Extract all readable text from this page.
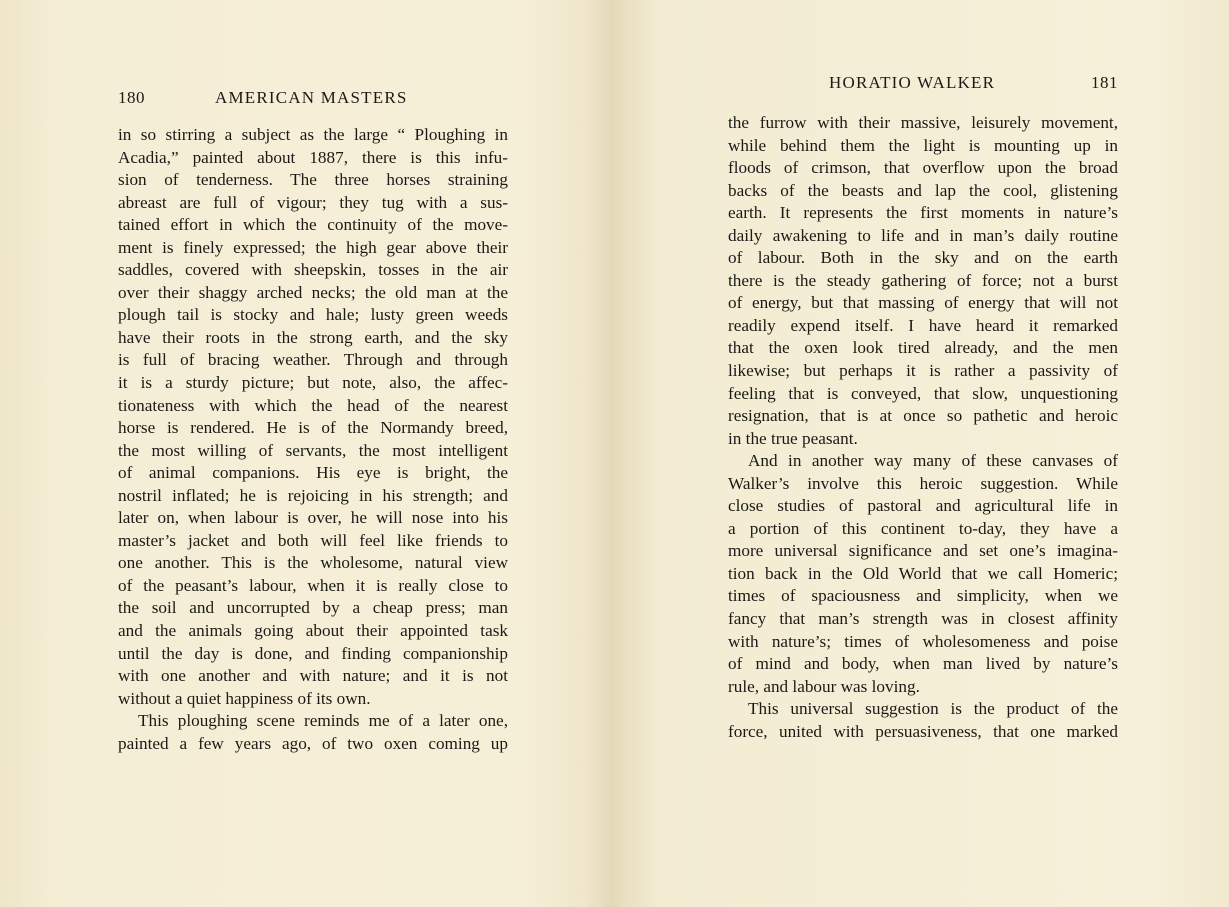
180	AMERICAN MASTERS
in so stirring a subject as the large “ Ploughing in
Acadia,” painted about 1887, there is this infu-
sion of tenderness. The three horses straining
abreast are full of vigour; they tug with a sus-
tained effort in which the continuity of the move-
ment is finely expressed; the high gear above their
saddles, covered with sheepskin, tosses in the air
over their shaggy arched necks; the old man at the
plough tail is stocky and hale; lusty green weeds
have their roots in the strong earth, and the sky
is full of bracing weather. Through and through
it is a sturdy picture; but note, also, the affec-
tionateness with which the head of the nearest
horse is rendered. He is of the Normandy breed,
the most willing of servants, the most intelligent
of animal companions. His eye is bright, the
nostril inflated; he is rejoicing in his strength; and
later on, when labour is over, he will nose into his
master’s jacket and both will feel like friends to
one another. This is the wholesome, natural view
of the peasant’s labour, when it is really close to
the soil and uncorrupted by a cheap press; man
and the animals going about their appointed task
until the day is done, and finding companionship
with one another and with nature; and it is not
without a quiet happiness of its own.
This ploughing scene reminds me of a later one,
painted a few years ago, of two oxen coming up
HORATIO WALKER	181
the furrow with their massive, leisurely movement,
while behind them the light is mounting up in
floods of crimson, that overflow upon the broad
backs of the beasts and lap the cool, glistening
earth. It represents the first moments in nature’s
daily awakening to life and in man’s daily routine
of labour. Both in the sky and on the earth
there is the steady gathering of force; not a burst
of energy, but that massing of energy that will not
readily expend itself. I have heard it remarked
that the oxen look tired already, and the men
likewise; but perhaps it is rather a passivity of
feeling that is conveyed, that slow, unquestioning
resignation, that is at once so pathetic and heroic
in the true peasant.
And in another way many of these canvases of
Walker’s involve this heroic suggestion. While
close studies of pastoral and agricultural life in
a portion of this continent to-day, they have a
more universal significance and set one’s imagina-
tion back in the Old World that we call Homeric;
times of spaciousness and simplicity, when we
fancy that man’s strength was in closest affinity
with nature’s; times of wholesomeness and poise
of mind and body, when man lived by nature’s
rule, and labour was loving.
This universal suggestion is the product of the
force, united with persuasiveness, that one marked
